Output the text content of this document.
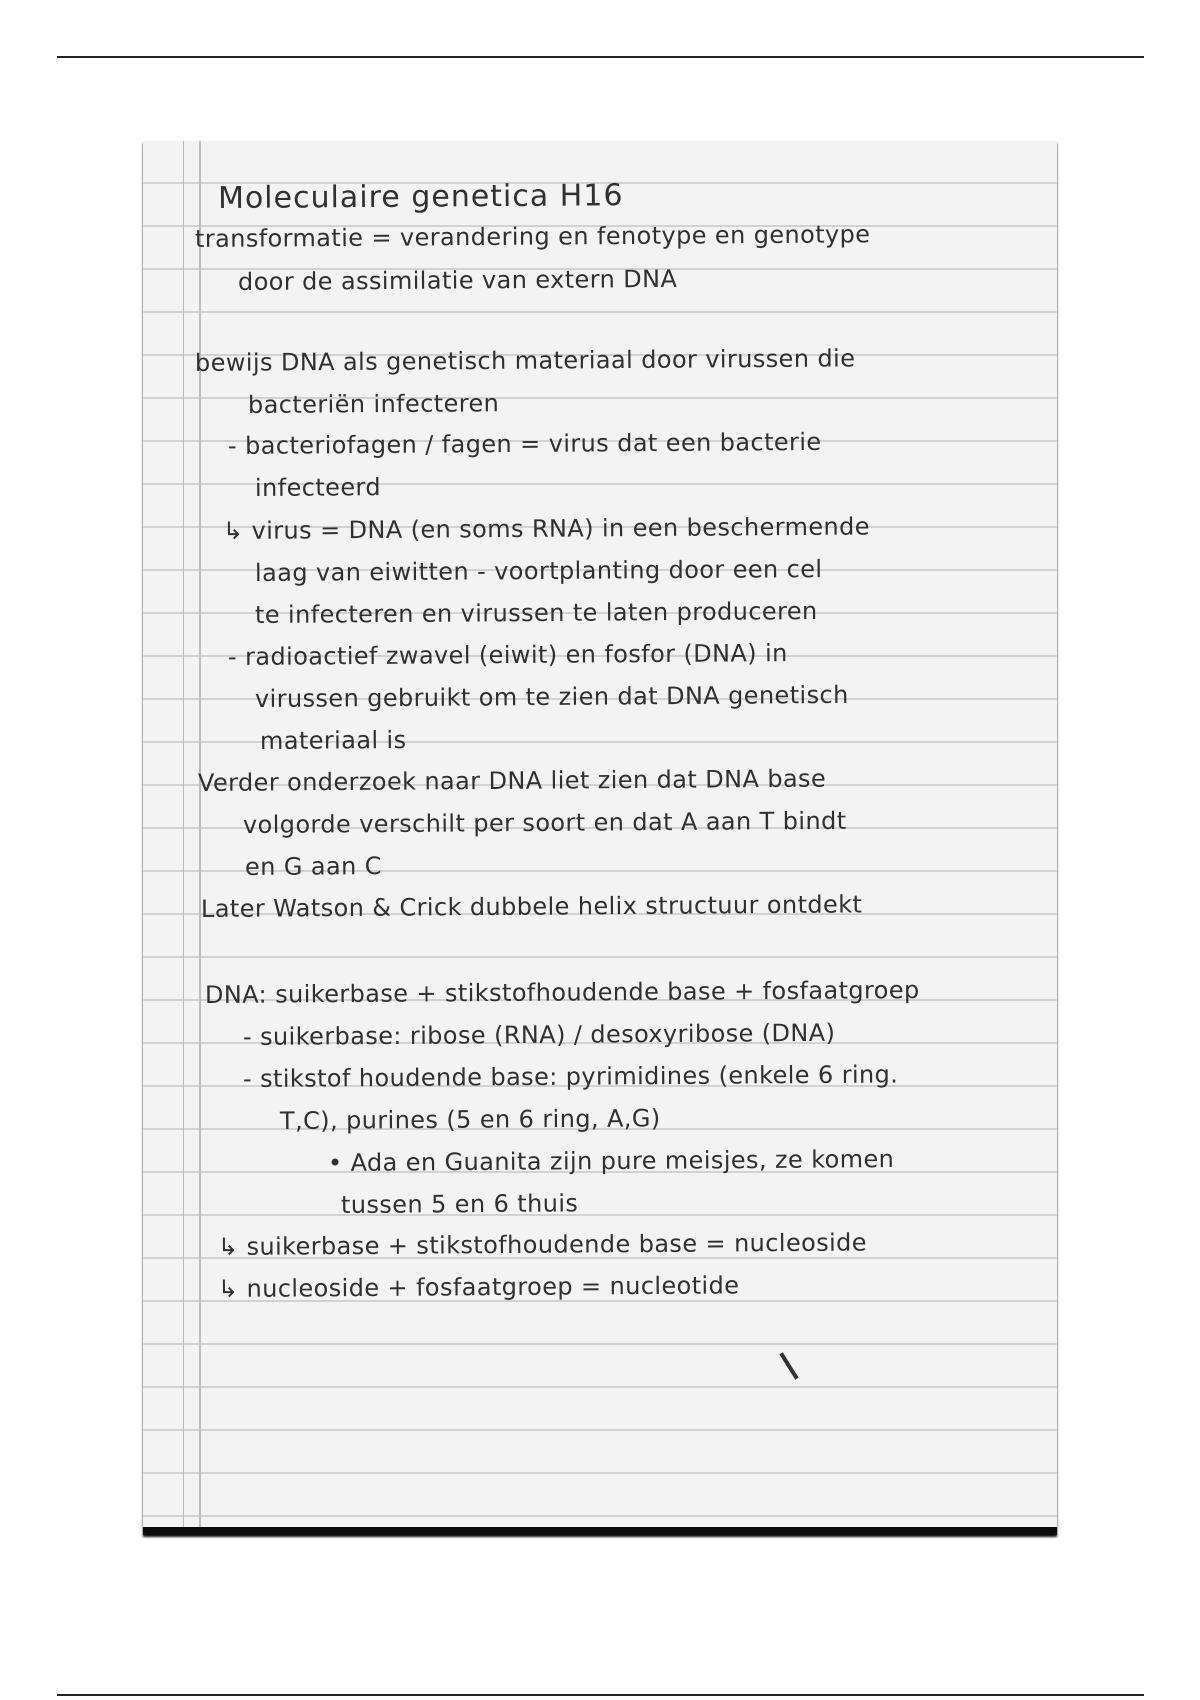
Moleculaire genetica H16
transformatie = verandering en fenotype en genotype
door de assimilatie van extern DNA
bewijs DNA als genetisch materiaal door virussen die
bacteriën infecteren
- bacteriofagen / fagen = virus dat een bacterie
infecteerd
↳ virus = DNA (en soms RNA) in een beschermende
laag van eiwitten - voortplanting door een cel
te infecteren en virussen te laten produceren
- radioactief zwavel (eiwit) en fosfor (DNA) in
virussen gebruikt om te zien dat DNA genetisch
materiaal is
Verder onderzoek naar DNA liet zien dat DNA base
volgorde verschilt per soort en dat A aan T bindt
en G aan C
Later Watson & Crick dubbele helix structuur ontdekt
DNA: suikerbase + stikstofhoudende base + fosfaatgroep
- suikerbase: ribose (RNA) / desoxyribose (DNA)
- stikstof houdende base: pyrimidines (enkele 6 ring.
T,C), purines (5 en 6 ring, A,G)
• Ada en Guanita zijn pure meisjes, ze komen
tussen 5 en 6 thuis
↳ suikerbase + stikstofhoudende base = nucleoside
↳ nucleoside + fosfaatgroep = nucleotide
